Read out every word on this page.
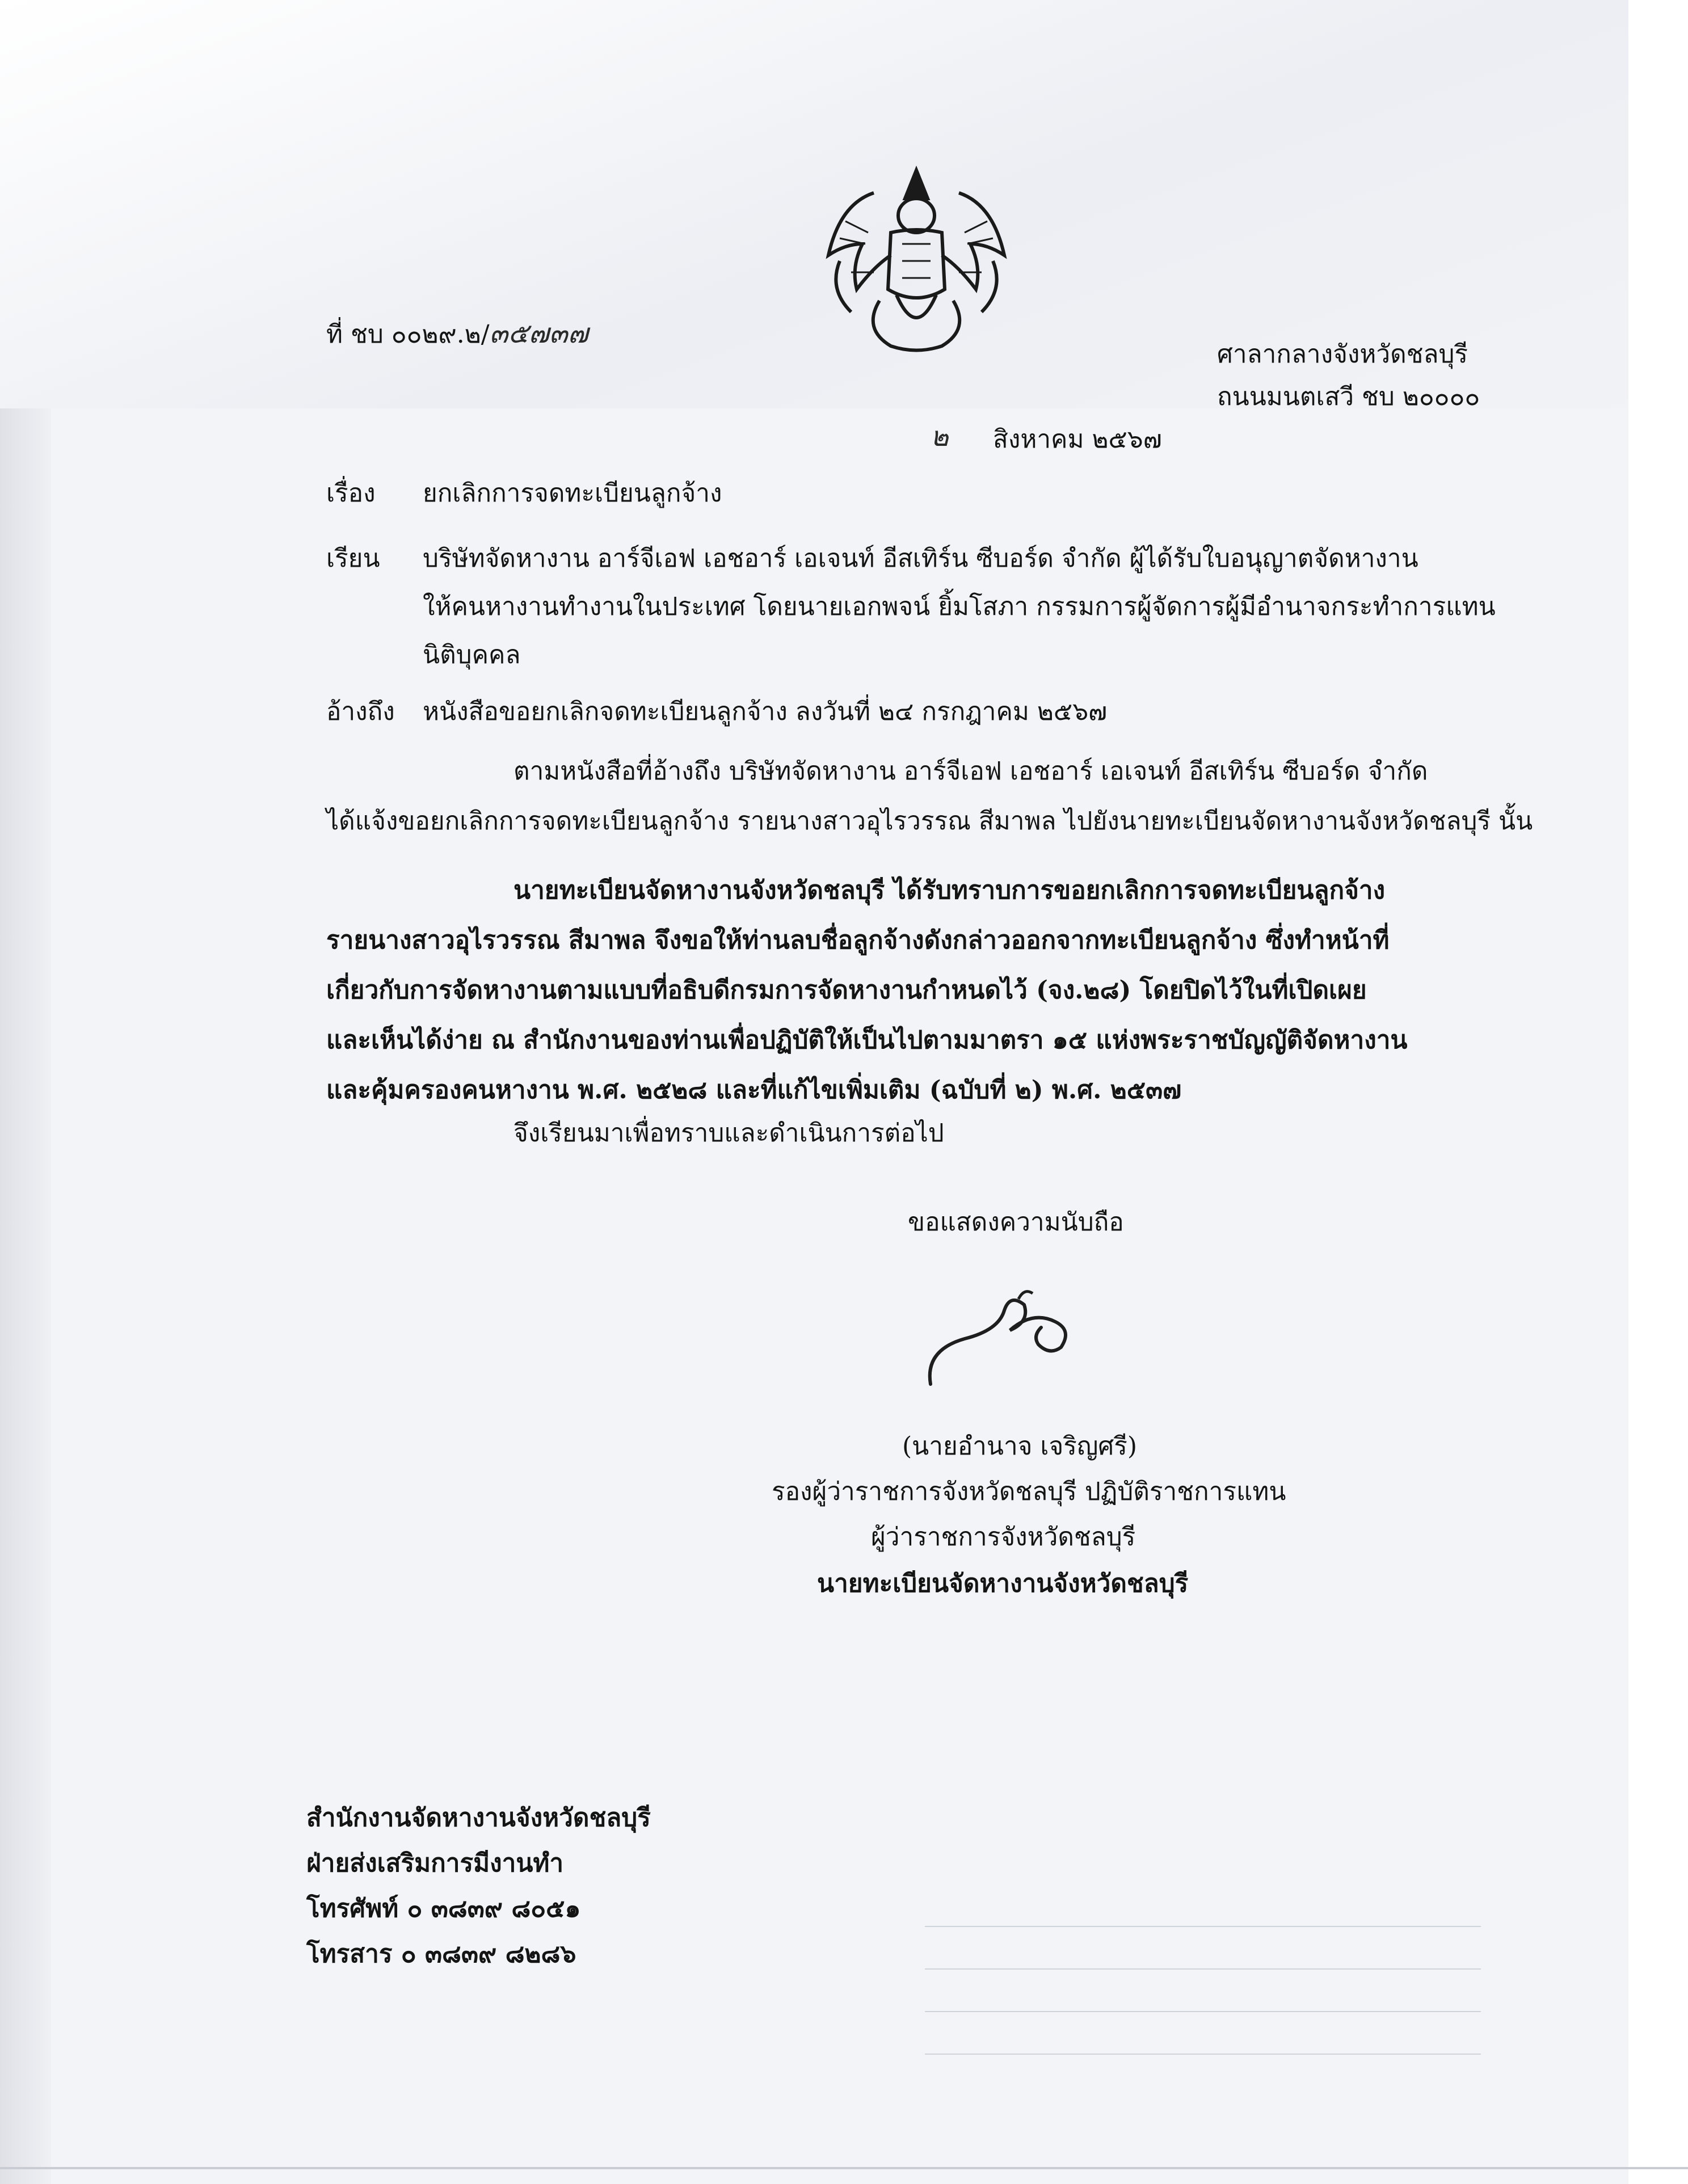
ที่ ชบ ๐๐๒๙.๒/๓๕๗๓๗
ศาลากลางจังหวัดชลบุรี
ถนนมนตเสวี ชบ ๒๐๐๐๐
๒ สิงหาคม ๒๕๖๗
เรื่อง ยกเลิกการจดทะเบียนลูกจ้าง
เรียน บริษัทจัดหางาน อาร์จีเอฟ เอชอาร์ เอเจนท์ อีสเทิร์น ซีบอร์ด จำกัด ผู้ได้รับใบอนุญาตจัดหางาน
ให้คนหางานทำงานในประเทศ โดยนายเอกพจน์ ยิ้มโสภา กรรมการผู้จัดการผู้มีอำนาจกระทำการแทน
นิติบุคคล
อ้างถึง หนังสือขอยกเลิกจดทะเบียนลูกจ้าง ลงวันที่ ๒๔ กรกฎาคม ๒๕๖๗
ตามหนังสือที่อ้างถึง บริษัทจัดหางาน อาร์จีเอฟ เอชอาร์ เอเจนท์ อีสเทิร์น ซีบอร์ด จำกัด
ได้แจ้งขอยกเลิกการจดทะเบียนลูกจ้าง รายนางสาวอุไรวรรณ สีมาพล ไปยังนายทะเบียนจัดหางานจังหวัดชลบุรี นั้น
นายทะเบียนจัดหางานจังหวัดชลบุรี ได้รับทราบการขอยกเลิกการจดทะเบียนลูกจ้าง
รายนางสาวอุไรวรรณ สีมาพล จึงขอให้ท่านลบชื่อลูกจ้างดังกล่าวออกจากทะเบียนลูกจ้าง ซึ่งทำหน้าที่
เกี่ยวกับการจัดหางานตามแบบที่อธิบดีกรมการจัดหางานกำหนดไว้ (จง.๒๘) โดยปิดไว้ในที่เปิดเผย
และเห็นได้ง่าย ณ สำนักงานของท่านเพื่อปฏิบัติให้เป็นไปตามมาตรา ๑๕ แห่งพระราชบัญญัติจัดหางาน
และคุ้มครองคนหางาน พ.ศ. ๒๕๒๘ และที่แก้ไขเพิ่มเติม (ฉบับที่ ๒) พ.ศ. ๒๕๓๗
จึงเรียนมาเพื่อทราบและดำเนินการต่อไป
ขอแสดงความนับถือ
(นายอำนาจ เจริญศรี)
รองผู้ว่าราชการจังหวัดชลบุรี ปฏิบัติราชการแทน
ผู้ว่าราชการจังหวัดชลบุรี
นายทะเบียนจัดหางานจังหวัดชลบุรี
สำนักงานจัดหางานจังหวัดชลบุรี
ฝ่ายส่งเสริมการมีงานทำ
โทรศัพท์ ๐ ๓๘๓๙ ๘๐๕๑
โทรสาร ๐ ๓๘๓๙ ๘๒๘๖
